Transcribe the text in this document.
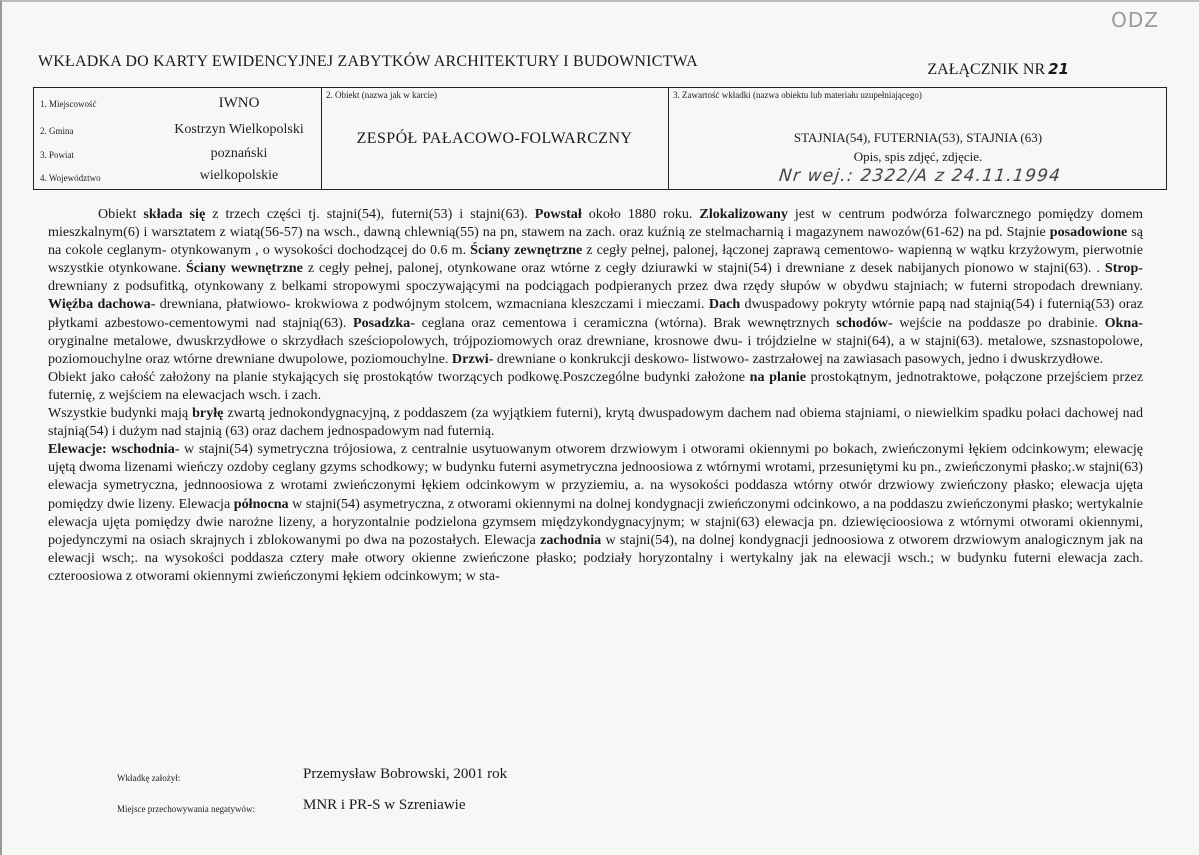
ODZ
WKŁADKA DO KARTY EWIDENCYJNEJ ZABYTKÓW ARCHITEKTURY I BUDOWNICTWA	ZAŁĄCZNIK NR 21
1. Miejscowość	IWNO
2. Gmina	Kostrzyn Wielkopolski
3. Powiat	poznański
4. Województwo	wielkopolskie
2. Obiekt (nazwa jak w karcie)
ZESPÓŁ PAŁACOWO-FOLWARCZNY
3. Zawartość wkładki (nazwa obiektu lub materiału uzupełniającego)
STAJNIA(54), FUTERNIA(53), STAJNIA (63)
Opis, spis zdjęć, zdjęcie.
Nr wej.: 2322/A z 24.11.1994

Obiekt składa się z trzech części tj. stajni(54), futerni(53) i stajni(63). Powstał około 1880 roku. Zlokalizowany jest w centrum podwórza folwarcznego pomiędzy domem mieszkalnym(6) i warsztatem z wiatą(56-57) na wsch., dawną chlewnią(55) na pn, stawem na zach. oraz kuźnią ze stelmacharnią i magazynem nawozów(61-62) na pd. Stajnie posadowione są na cokole ceglanym- otynkowanym , o wysokości dochodzącej do 0.6 m. Ściany zewnętrzne z cegły pełnej, palonej, łączonej zaprawą cementowo- wapienną w wątku krzyżowym, pierwotnie wszystkie otynkowane. Ściany wewnętrzne z cegły pełnej, palonej, otynkowane oraz wtórne z cegły dziurawki w stajni(54) i drewniane z desek nabijanych pionowo w stajni(63). . Strop- drewniany z podsufitką, otynkowany z belkami stropowymi spoczywającymi na podciągach podpieranych przez dwa rzędy słupów w obydwu stajniach; w futerni stropodach drewniany. Więźba dachowa- drewniana, płatwiowo- krokwiowa z podwójnym stolcem, wzmacniana kleszczami i mieczami. Dach dwuspadowy pokryty wtórnie papą nad stajnią(54) i futernią(53) oraz płytkami azbestowo-cementowymi nad stajnią(63). Posadzka- ceglana oraz cementowa i ceramiczna (wtórna). Brak wewnętrznych schodów- wejście na poddasze po drabinie. Okna- oryginalne metalowe, dwuskrzydłowe o skrzydłach sześciopolowych, trójpoziomowych oraz drewniane, krosnowe dwu- i trójdzielne w stajni(64), a w stajni(63). metalowe, szsnastopolowe, poziomouchylne oraz wtórne drewniane dwupolowe, poziomouchylne. Drzwi- drewniane o konkrukcji deskowo- listwowo- zastrzałowej na zawiasach pasowych, jedno i dwuskrzydłowe.

Obiekt jako całość założony na planie stykających się prostokątów tworzących podkowę.Poszczególne budynki założone na planie prostokątnym, jednotraktowe, połączone przejściem przez futernię, z wejściem na elewacjach wsch. i zach.

Wszystkie budynki mają bryłę zwartą jednokondygnacyjną, z poddaszem (za wyjątkiem futerni), krytą dwuspadowym dachem nad obiema stajniami, o niewielkim spadku połaci dachowej nad stajnią(54) i dużym nad stajnią (63) oraz dachem jednospadowym nad futernią.

Elewacje: wschodnia- w stajni(54) symetryczna trójosiowa, z centralnie usytuowanym otworem drzwiowym i otworami okiennymi po bokach, zwieńczonymi łękiem odcinkowym; elewację ujętą dwoma lizenami wieńczy ozdoby ceglany gzyms schodkowy; w budynku futerni asymetryczna jednoosiowa z wtórnymi wrotami, przesuniętymi ku pn., zwieńczonymi płasko;.w stajni(63) elewacja symetryczna, jednnoosiowa z wrotami zwieńczonymi łękiem odcinkowym w przyziemiu, a. na wysokości poddasza wtórny otwór drzwiowy zwieńczony płasko; elewacja ujęta pomiędzy dwie lizeny. Elewacja północna w stajni(54) asymetryczna, z otworami okiennymi na dolnej kondygnacji zwieńczonymi odcinkowo, a na poddaszu zwieńczonymi płasko; wertykalnie elewacja ujęta pomiędzy dwie narożne lizeny, a horyzontalnie podzielona gzymsem międzykondygnacyjnym; w stajni(63) elewacja pn. dziewięcioosiowa z wtórnymi otworami okiennymi, pojedynczymi na osiach skrajnych i zblokowanymi po dwa na pozostałych. Elewacja zachodnia w stajni(54), na dolnej kondygnacji jednoosiowa z otworem drzwiowym analogicznym jak na elewacji wsch;. na wysokości poddasza cztery małe otwory okienne zwieńczone płasko; podziały horyzontalny i wertykalny jak na elewacji wsch.; w budynku futerni elewacja zach. czteroosiowa z otworami okiennymi zwieńczonymi łękiem odcinkowym; w sta-

Wkładkę założył:	Przemysław Bobrowski, 2001 rok
Miejsce przechowywania negatywów:	MNR i PR-S w Szreniawie
